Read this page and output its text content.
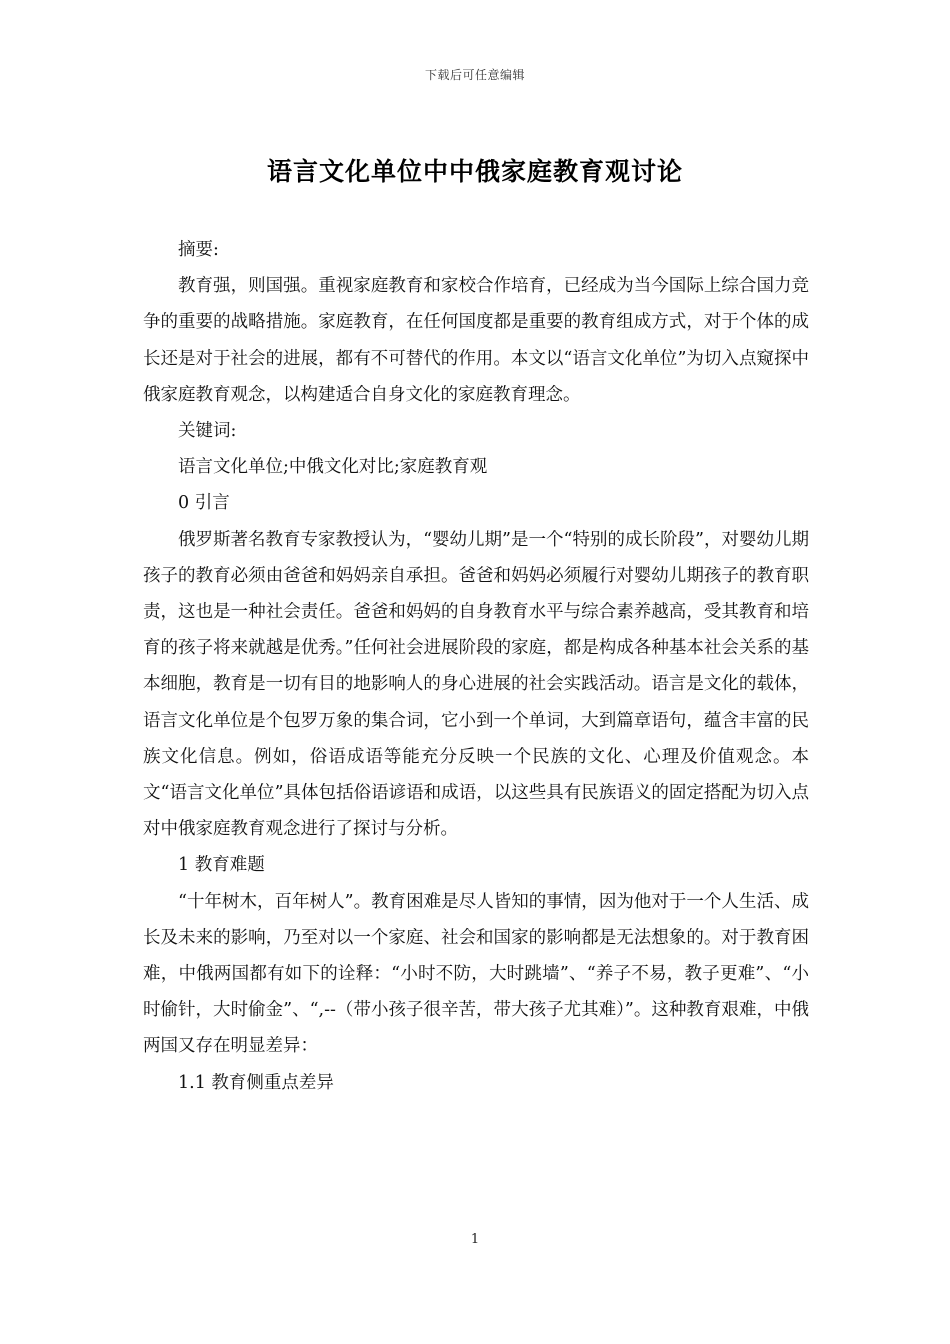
下载后可任意编辑
语言文化单位中中俄家庭教育观讨论

摘要:

教育强，则国强。重视家庭教育和家校合作培育，已经成为当今国际上综合国力竞争的重要的战略措施。家庭教育，在任何国度都是重要的教育组成方式，对于个体的成长还是对于社会的进展，都有不可替代的作用。本文以“语言文化单位”为切入点窥探中俄家庭教育观念，以构建适合自身文化的家庭教育理念。

关键词:

语言文化单位;中俄文化对比;家庭教育观

0 引言

俄罗斯著名教育专家教授认为，“婴幼儿期”是一个“特别的成长阶段”，对婴幼儿期孩子的教育必须由爸爸和妈妈亲自承担。爸爸和妈妈必须履行对婴幼儿期孩子的教育职责，这也是一种社会责任。爸爸和妈妈的自身教育水平与综合素养越高，受其教育和培育的孩子将来就越是优秀。”任何社会进展阶段的家庭，都是构成各种基本社会关系的基本细胞，教育是一切有目的地影响人的身心进展的社会实践活动。语言是文化的载体，语言文化单位是个包罗万象的集合词，它小到一个单词，大到篇章语句，蕴含丰富的民族文化信息。例如，俗语成语等能充分反映一个民族的文化、心理及价值观念。本文“语言文化单位”具体包括俗语谚语和成语，以这些具有民族语义的固定搭配为切入点对中俄家庭教育观念进行了探讨与分析。

1 教育难题

“十年树木，百年树人”。教育困难是尽人皆知的事情，因为他对于一个人生活、成长及未来的影响，乃至对以一个家庭、社会和国家的影响都是无法想象的。对于教育困难，中俄两国都有如下的诠释：“小时不防，大时跳墙”、“养子不易，教子更难”、“小时偷针，大时偷金”、“,--（带小孩子很辛苦，带大孩子尤其难）”。这种教育艰难，中俄两国又存在明显差异：

1.1 教育侧重点差异

1
